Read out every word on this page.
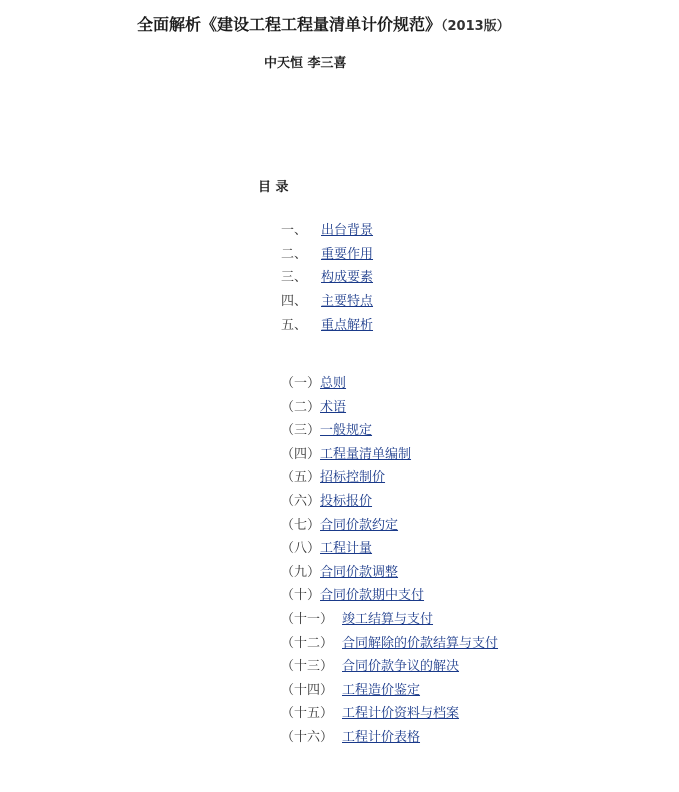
全面解析《建设工程工程量清单计价规范》（2013版）
中天恒 李三喜
目 录
一、 出台背景
二、 重要作用
三、 构成要素
四、 主要特点
五、 重点解析
（一）总则
（二）术语
（三）一般规定
（四）工程量清单编制
（五）招标控制价
（六）投标报价
（七）合同价款约定
（八）工程计量
（九）合同价款调整
（十）合同价款期中支付
（十一） 竣工结算与支付
（十二） 合同解除的价款结算与支付
（十三） 合同价款争议的解决
（十四） 工程造价鉴定
（十五） 工程计价资料与档案
（十六） 工程计价表格
